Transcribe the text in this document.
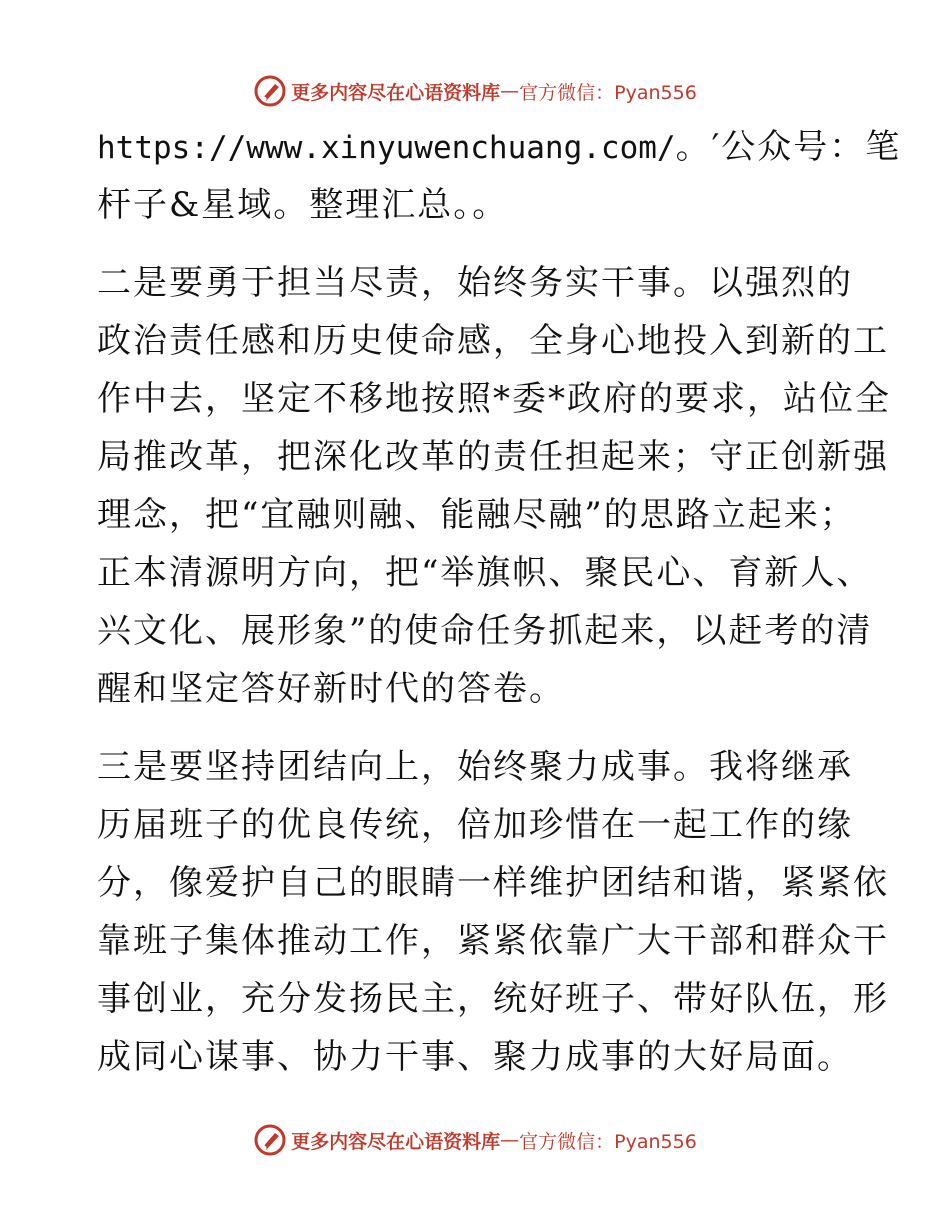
更多内容尽在心语资料库 — 官方微信：Pyan556
https://www.xinyuwenchuang.com/。′公众号：笔
杆子&星域。整理汇总。。
二是要勇于担当尽责，始终务实干事。以强烈的
政治责任感和历史使命感，全身心地投入到新的工
作中去，坚定不移地按照*委*政府的要求，站位全
局推改革，把深化改革的责任担起来；守正创新强
理念，把“宜融则融、能融尽融”的思路立起来；
正本清源明方向，把“举旗帜、聚民心、育新人、
兴文化、展形象”的使命任务抓起来，以赶考的清
醒和坚定答好新时代的答卷。
三是要坚持团结向上，始终聚力成事。我将继承
历届班子的优良传统，倍加珍惜在一起工作的缘
分，像爱护自己的眼睛一样维护团结和谐，紧紧依
靠班子集体推动工作，紧紧依靠广大干部和群众干
事创业，充分发扬民主，统好班子、带好队伍，形
成同心谋事、协力干事、聚力成事的大好局面。
更多内容尽在心语资料库 — 官方微信：Pyan556
